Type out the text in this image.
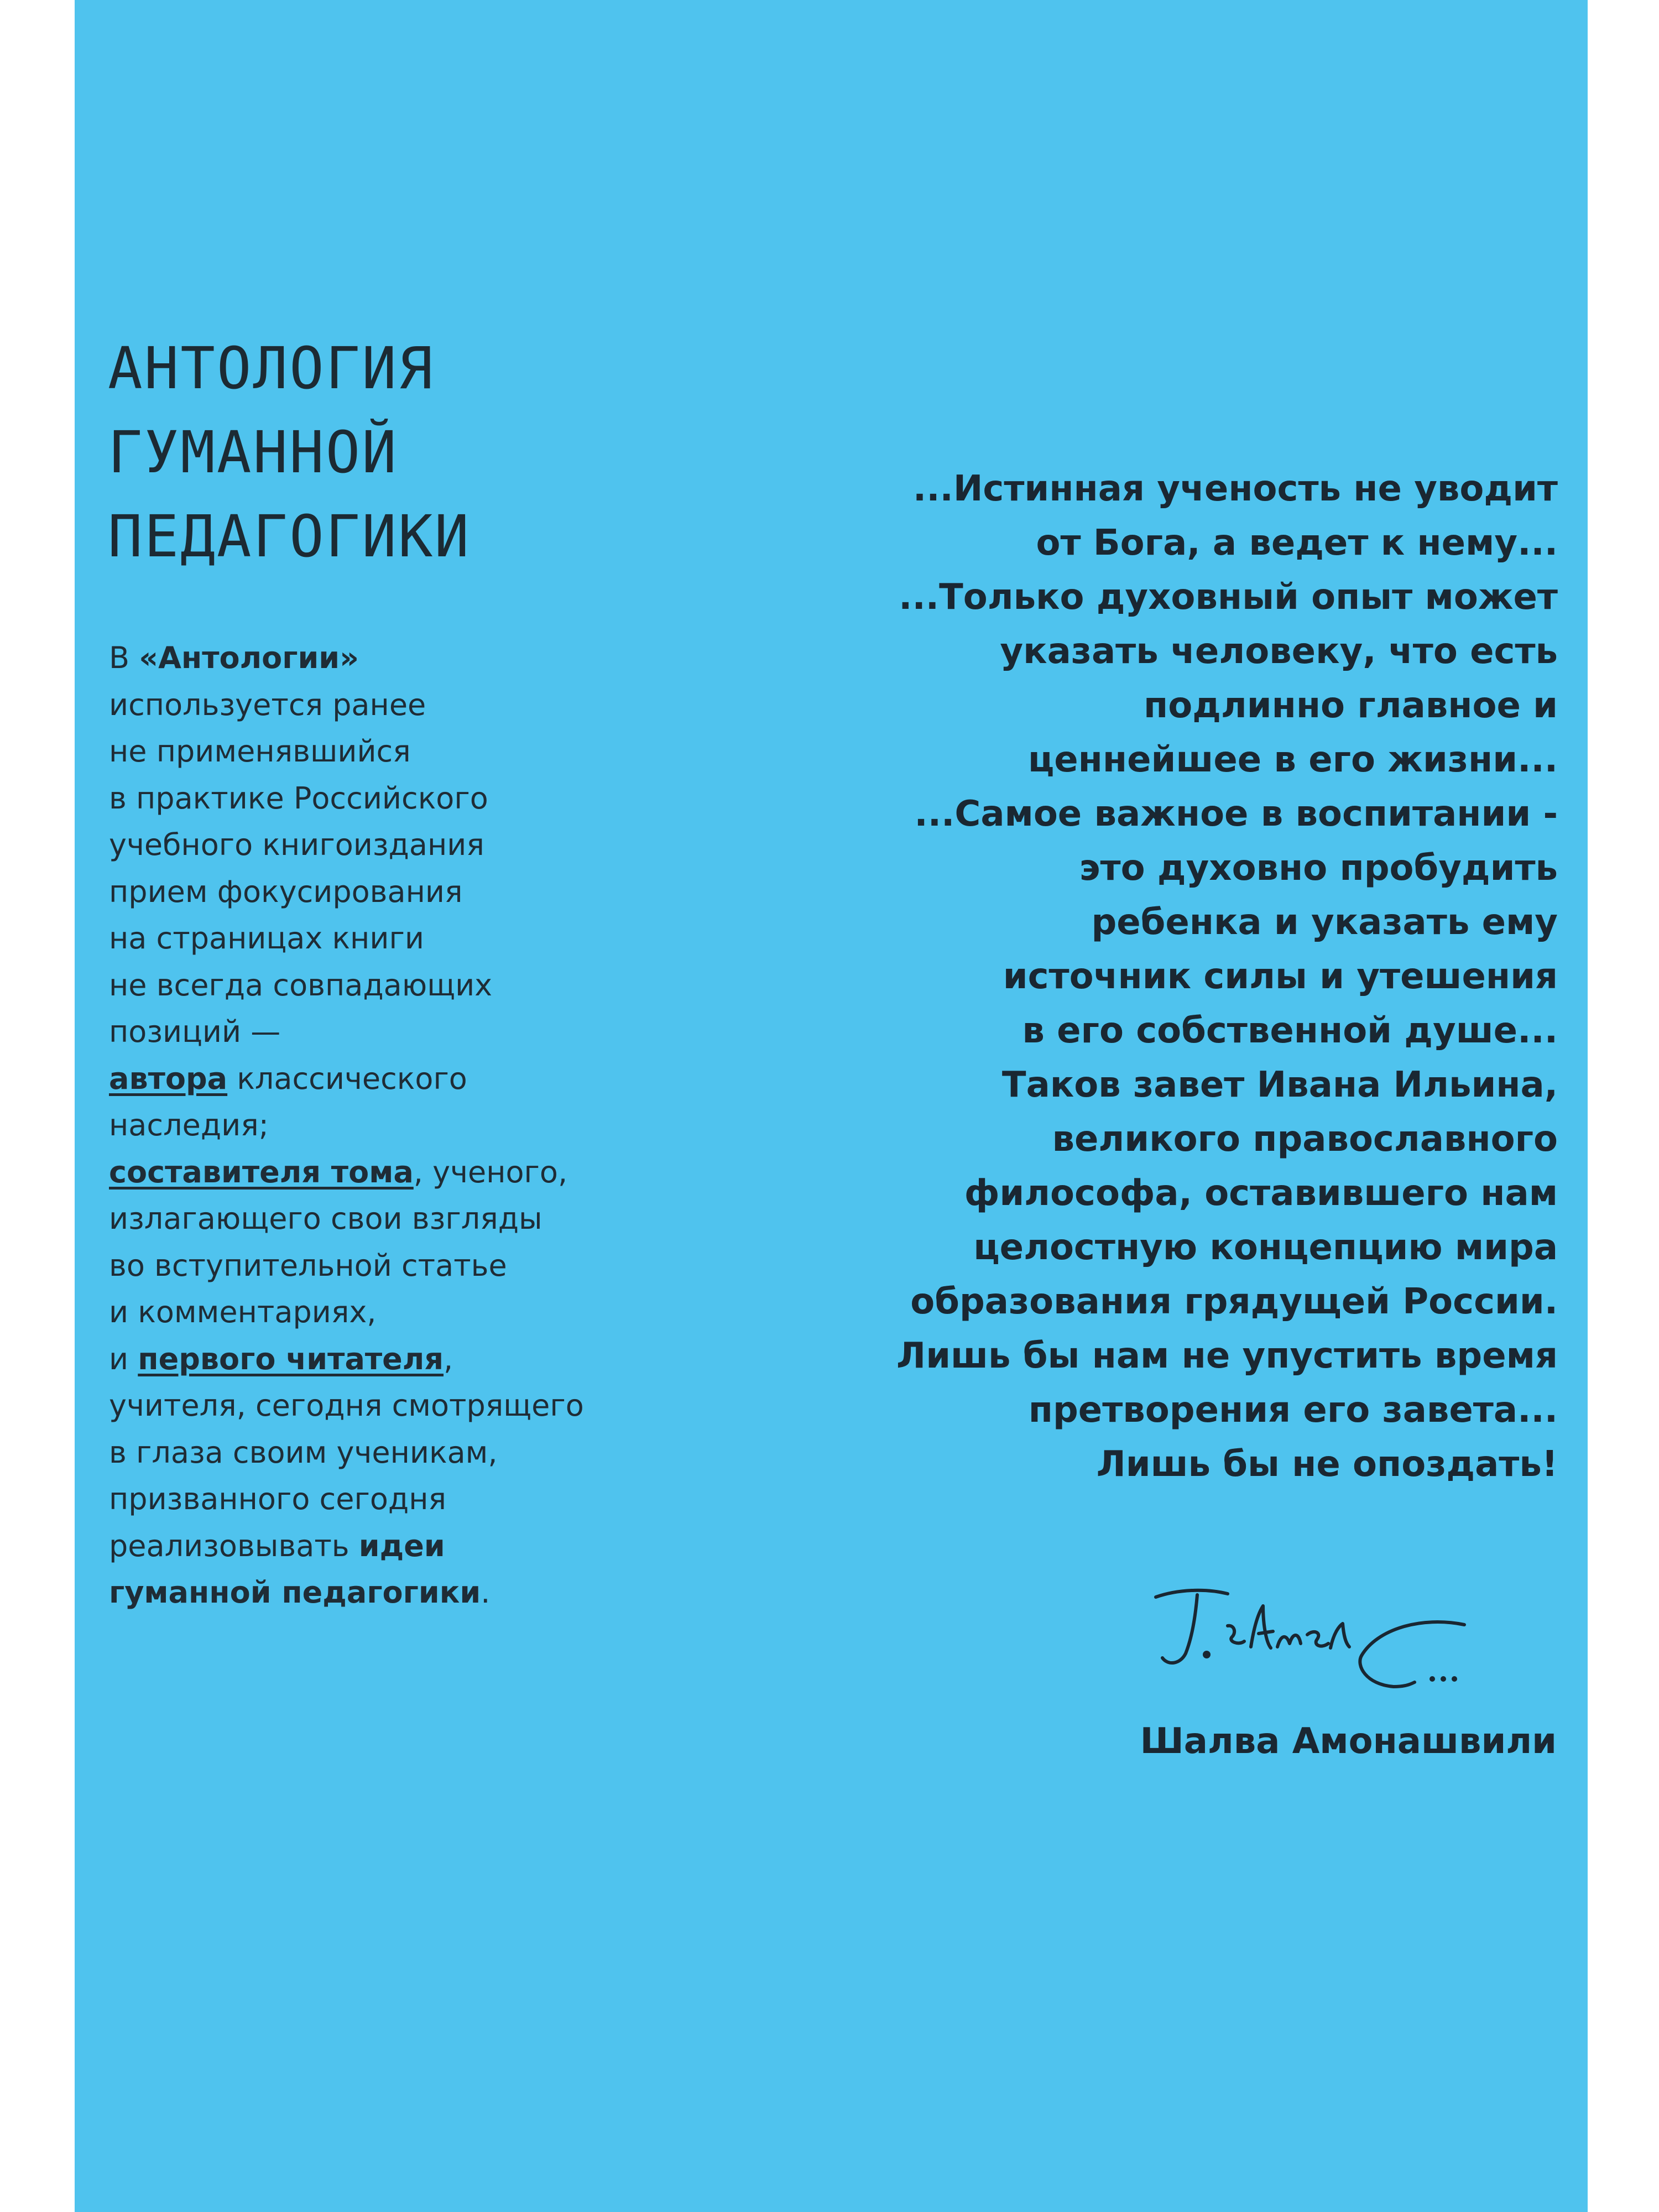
АНТОЛОГИЯ
ГУМАННОЙ
ПЕДАГОГИКИ
В «Антологии»
используется ранее
не применявшийся
в практике Российского
учебного книгоиздания
прием фокусирования
на страницах книги
не всегда совпадающих
позиций —
автора классического
наследия;
составителя тома, ученого,
излагающего свои взгляды
во вступительной статье
и комментариях,
и первого читателя,
учителя, сегодня смотрящего
в глаза своим ученикам,
призванного сегодня
реализовывать идеи
гуманной педагогики.
...Истинная ученость не уводит
от Бога, а ведет к нему...
...Только духовный опыт может
указать человеку, что есть
подлинно главное и
ценнейшее в его жизни...
...Самое важное в воспитании -
это духовно пробудить
ребенка и указать ему
источник силы и утешения
в его собственной душе...
Таков завет Ивана Ильина,
великого православного
философа, оставившего нам
целостную концепцию мира
образования грядущей России.
Лишь бы нам не упустить время
претворения его завета...
Лишь бы не опоздать!
Шалва Амонашвили
